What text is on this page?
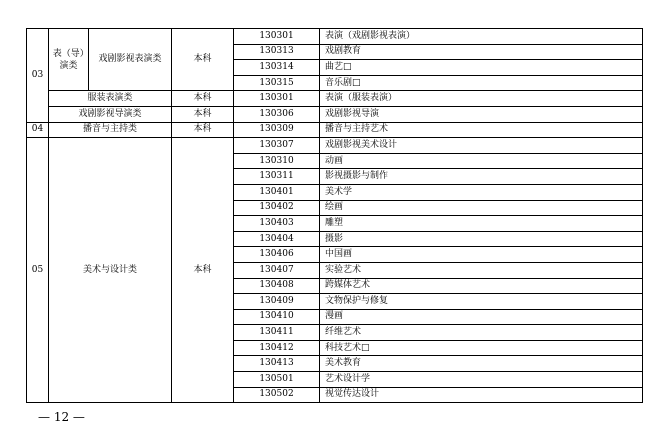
03	表（导）演类	戏剧影视表演类	本科	130301	表演（戏剧影视表演）
				130313	戏剧教育
				130314	曲艺□
				130315	音乐剧□
	服装表演类		本科	130301	表演（服装表演）
	戏剧影视导演类		本科	130306	戏剧影视导演
04	播音与主持类		本科	130309	播音与主持艺术
05	美术与设计类		本科	130307	戏剧影视美术设计
				130310	动画
				130311	影视摄影与制作
				130401	美术学
				130402	绘画
				130403	雕塑
				130404	摄影
				130406	中国画
				130407	实验艺术
				130408	跨媒体艺术
				130409	文物保护与修复
				130410	漫画
				130411	纤维艺术
				130412	科技艺术□
				130413	美术教育
				130501	艺术设计学
				130502	视觉传达设计
— 12 —
